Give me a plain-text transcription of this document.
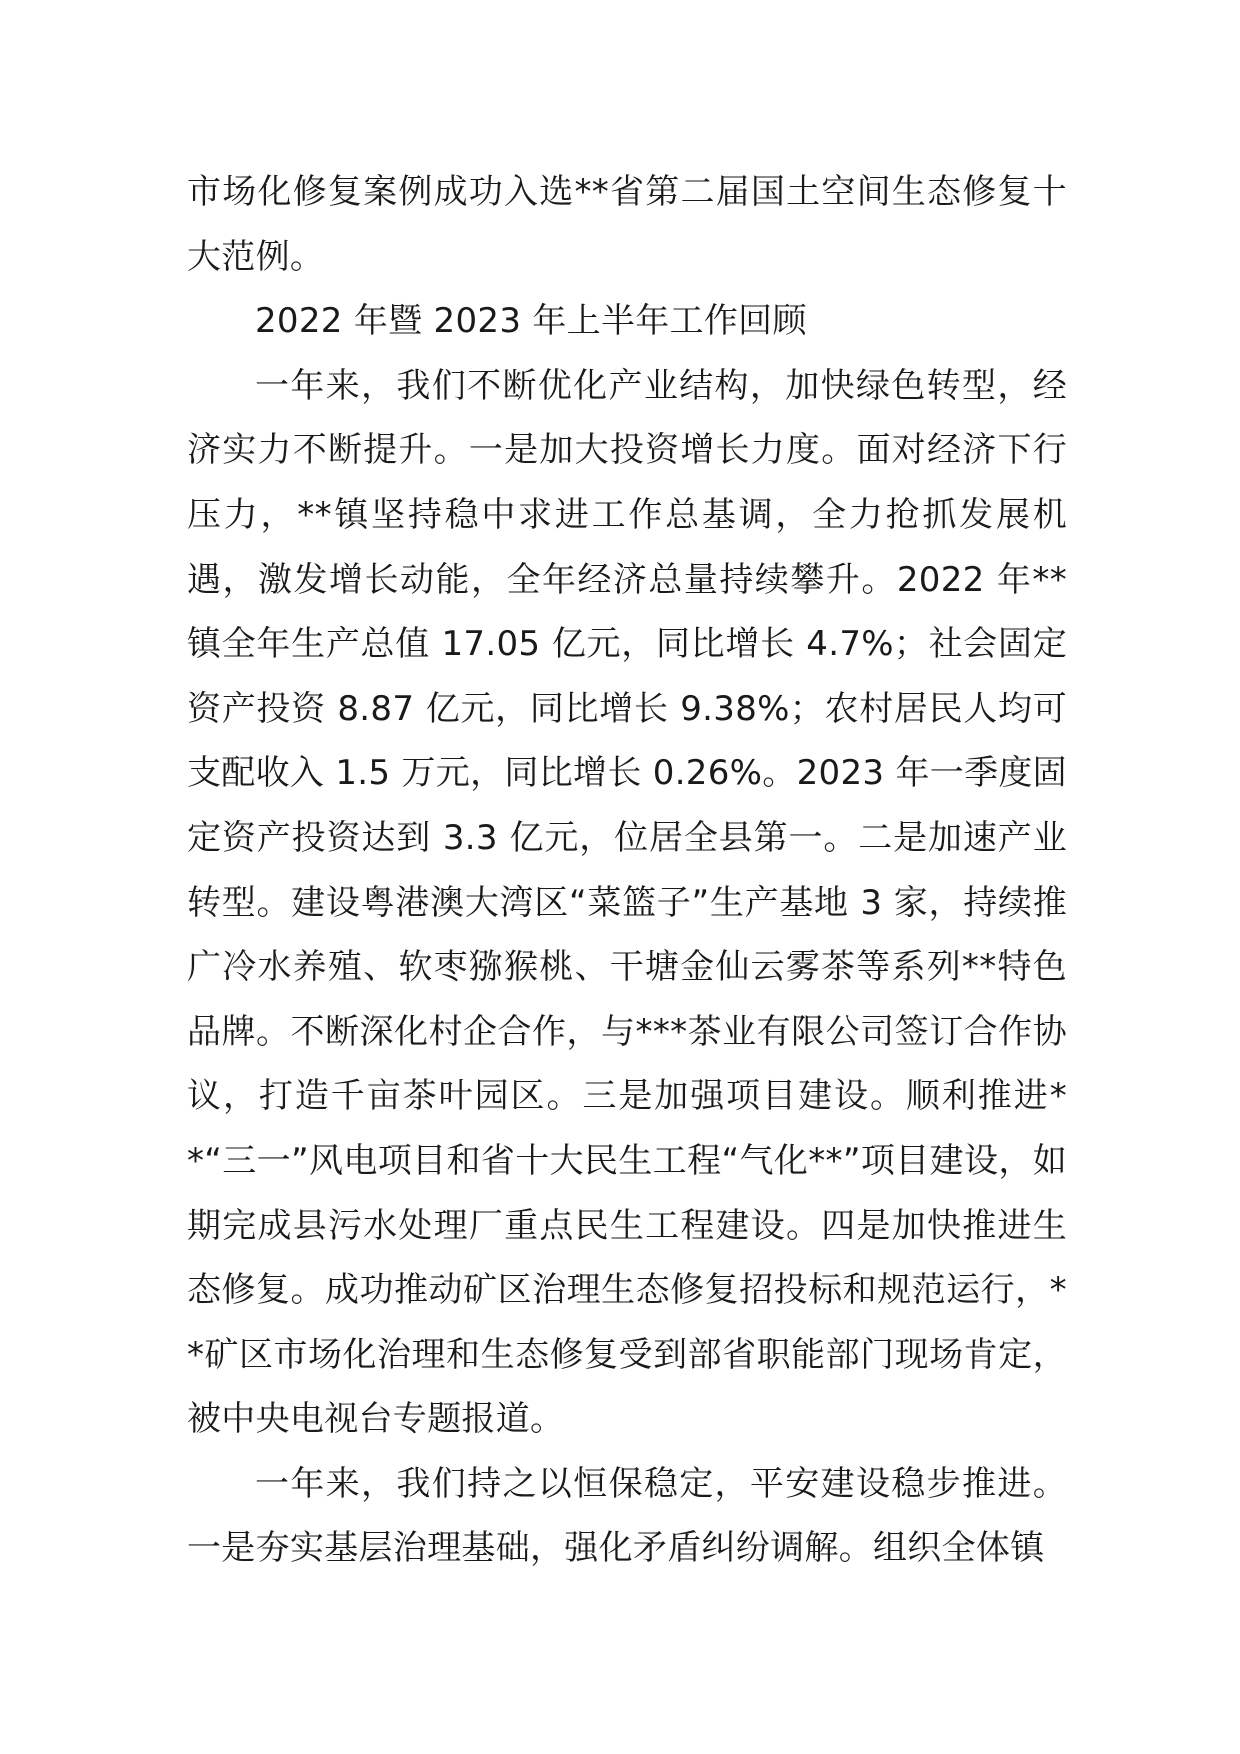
市场化修复案例成功入选**省第二届国土空间生态修复十大范例。

2022 年暨 2023 年上半年工作回顾

一年来，我们不断优化产业结构，加快绿色转型，经济实力不断提升。一是加大投资增长力度。面对经济下行压力，**镇坚持稳中求进工作总基调，全力抢抓发展机遇，激发增长动能，全年经济总量持续攀升。2022 年**镇全年生产总值 17.05 亿元，同比增长 4.7%；社会固定资产投资 8.87 亿元，同比增长 9.38%；农村居民人均可支配收入 1.5 万元，同比增长 0.26%。2023 年一季度固定资产投资达到 3.3 亿元，位居全县第一。二是加速产业转型。建设粤港澳大湾区“菜篮子”生产基地 3 家，持续推广冷水养殖、软枣猕猴桃、干塘金仙云雾茶等系列**特色品牌。不断深化村企合作，与***茶业有限公司签订合作协议，打造千亩茶叶园区。三是加强项目建设。顺利推进**“三一”风电项目和省十大民生工程“气化**”项目建设，如期完成县污水处理厂重点民生工程建设。四是加快推进生态修复。成功推动矿区治理生态修复招投标和规范运行，**矿区市场化治理和生态修复受到部省职能部门现场肯定，被中央电视台专题报道。

一年来，我们持之以恒保稳定，平安建设稳步推进。一是夯实基层治理基础，强化矛盾纠纷调解。组织全体镇
